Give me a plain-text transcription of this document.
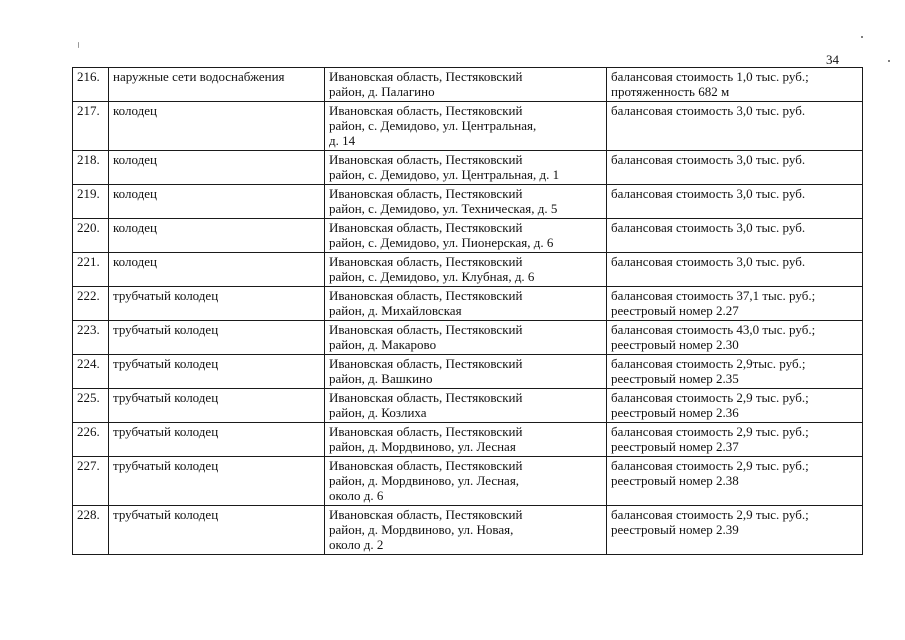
34
216.	наружные сети водоснабжения	Ивановская область, Пестяковский
район, д. Палагино	балансовая стоимость 1,0 тыс. руб.;
протяженность 682 м

217.	колодец	Ивановская область, Пестяковский
район, с. Демидово, ул. Центральная,
д. 14	балансовая стоимость 3,0 тыс. руб.

218.	колодец	Ивановская область, Пестяковский
район, с. Демидово, ул. Центральная, д. 1	балансовая стоимость 3,0 тыс. руб.

219.	колодец	Ивановская область, Пестяковский
район, с. Демидово, ул. Техническая, д. 5	балансовая стоимость 3,0 тыс. руб.

220.	колодец	Ивановская область, Пестяковский
район, с. Демидово, ул. Пионерская, д. 6	балансовая стоимость 3,0 тыс. руб.

221.	колодец	Ивановская область, Пестяковский
район, с. Демидово, ул. Клубная, д. 6	балансовая стоимость 3,0 тыс. руб.

222.	трубчатый колодец	Ивановская область, Пестяковский
район, д. Михайловская	балансовая стоимость 37,1 тыс. руб.;
реестровый номер 2.27

223.	трубчатый колодец	Ивановская область, Пестяковский
район, д. Макарово	балансовая стоимость 43,0 тыс. руб.;
реестровый номер 2.30

224.	трубчатый колодец	Ивановская область, Пестяковский
район, д. Вашкино	балансовая стоимость 2,9тыс. руб.;
реестровый номер 2.35

225.	трубчатый колодец	Ивановская область, Пестяковский
район, д. Козлиха	балансовая стоимость 2,9 тыс. руб.;
реестровый номер 2.36

226.	трубчатый колодец	Ивановская область, Пестяковский
район, д. Мордвиново, ул. Лесная	балансовая стоимость 2,9 тыс. руб.;
реестровый номер 2.37

227.	трубчатый колодец	Ивановская область, Пестяковский
район, д. Мордвиново, ул. Лесная,
около д. 6	балансовая стоимость 2,9 тыс. руб.;
реестровый номер 2.38

228.	трубчатый колодец	Ивановская область, Пестяковский
район, д. Мордвиново, ул. Новая,
около д. 2	балансовая стоимость 2,9 тыс. руб.;
реестровый номер 2.39
